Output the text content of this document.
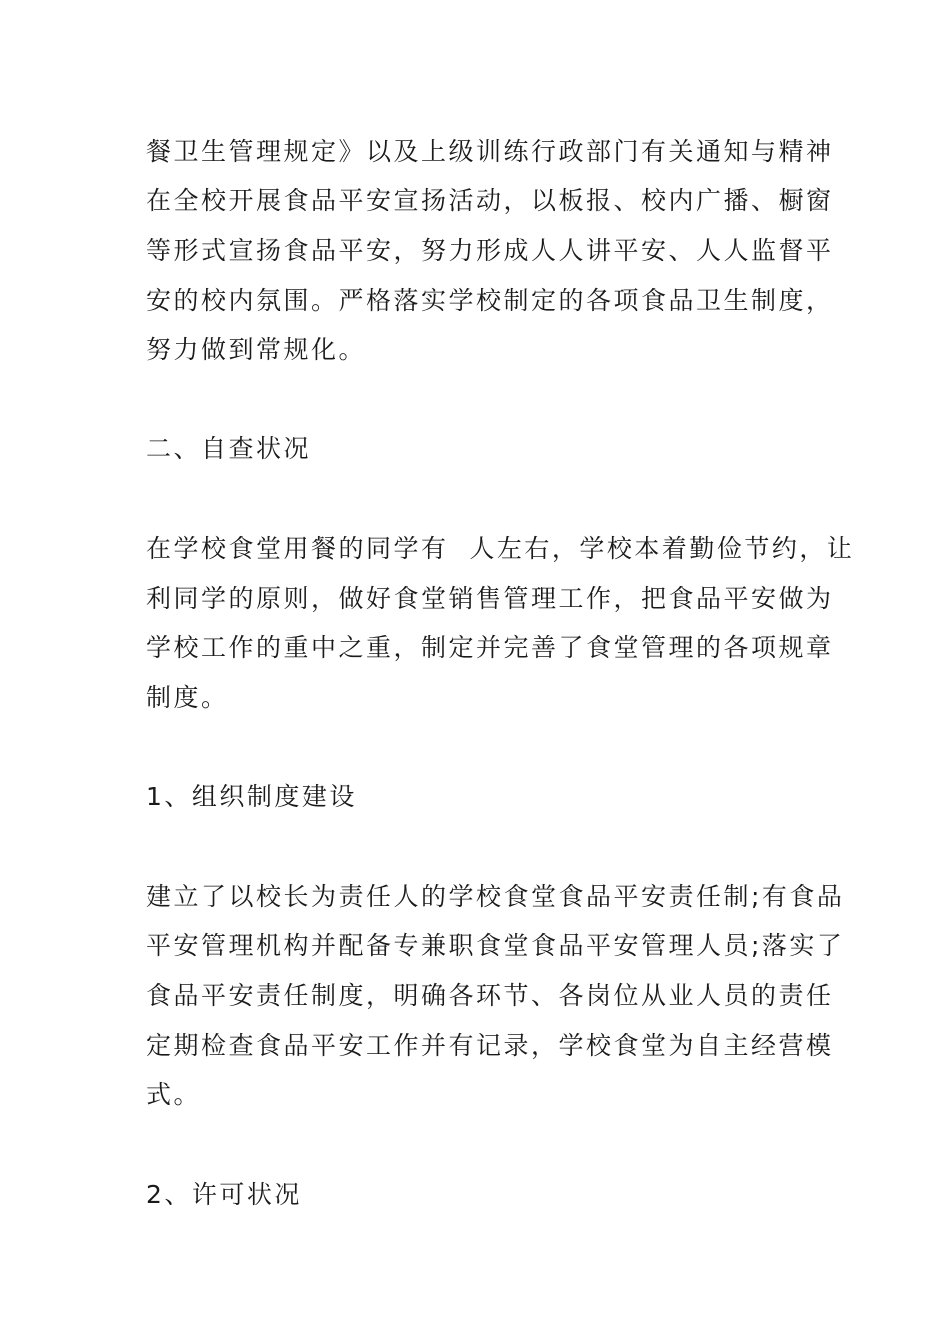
餐卫生管理规定》以及上级训练行政部门有关通知与精神
在全校开展食品平安宣扬活动，以板报、校内广播、橱窗
等形式宣扬食品平安，努力形成人人讲平安、人人监督平
安的校内氛围。严格落实学校制定的各项食品卫生制度，
努力做到常规化。
二、自查状况
在学校食堂用餐的同学有  人左右，学校本着勤俭节约，让
利同学的原则，做好食堂销售管理工作，把食品平安做为
学校工作的重中之重，制定并完善了食堂管理的各项规章
制度。
1、组织制度建设
建立了以校长为责任人的学校食堂食品平安责任制;有食品
平安管理机构并配备专兼职食堂食品平安管理人员;落实了
食品平安责任制度，明确各环节、各岗位从业人员的责任
定期检查食品平安工作并有记录，学校食堂为自主经营模
式。
2、许可状况
